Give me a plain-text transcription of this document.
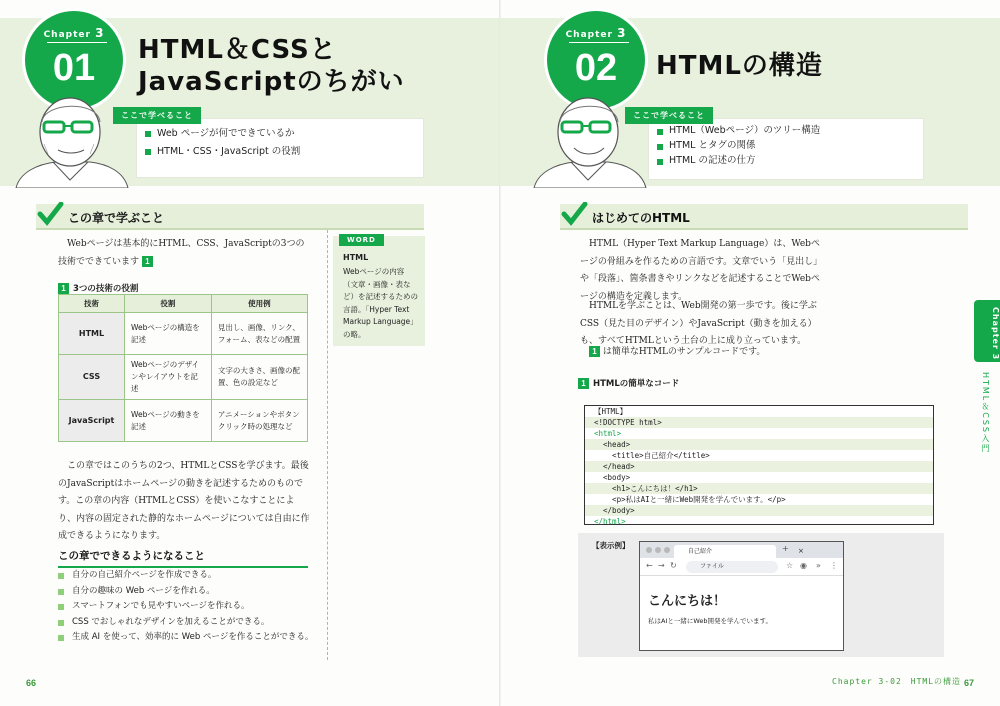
Chapter 3
01	HTML＆CSSと
JavaScriptのちがい
ここで学べること
Web ページが何でできているか
HTML・CSS・JavaScript の役割
この章で学ぶこと
Webページは基本的にHTML、CSS、JavaScriptの3つの技術でできています 1
1 3つの技術の役割
技術	役割	使用例
HTML	Webページの構造を記述	見出し、画像、リンク、フォーム、表などの配置
CSS	Webページのデザインやレイアウトを記述	文字の大きさ、画像の配置、色の設定など
JavaScript	Webページの動きを記述	アニメーションやボタンクリック時の処理など
WORD
HTML
Webページの内容（文章・画像・表など）を記述するための言語。「Hyper Text Markup Language」の略。
この章ではこのうちの2つ、HTMLとCSSを学びます。最後のJavaScriptはホームページの動きを記述するためのものです。この章の内容（HTMLとCSS）を使いこなすことにより、内容の固定された静的なホームページについては自由に作成できるようになります。
この章でできるようになること
自分の自己紹介ページを作成できる。
自分の趣味の Web ページを作れる。
スマートフォンでも見やすいページを作れる。
CSS でおしゃれなデザインを加えることができる。
生成 AI を使って、効率的に Web ページを作ることができる。
66
Chapter 3
02	HTMLの構造
ここで学べること
HTML（Webページ）のツリー構造
HTML とタグの関係
HTML の記述の仕方
はじめてのHTML
HTML（Hyper Text Markup Language）は、Webページの骨組みを作るための言語です。文章でいう「見出し」や「段落」、箇条書きやリンクなどを記述することでWebページの構造を定義します。
HTMLを学ぶことは、Web開発の第一歩です。後に学ぶCSS（見た目のデザイン）やJavaScript（動きを加える）も、すべてHTMLという土台の上に成り立っています。
1 は簡単なHTMLのサンプルコードです。	Chapter 3
HTML＆CSS入門
1 HTMLの簡単なコード
Chapter 3-02　HTMLの構造 67
【HTML】
<!DOCTYPE html>
<html>
<head>
<title>自己紹介</title>
</head>
<body>
<h1>こんにちは！</h1>
<p>私はAIと一緒にWeb開発を学んでいます。</p>
</body>
</html>
【表示例】
自己紹介	×
+
← → ↻	ファイル	☆ ◉ » ⋮
こんにちは！
私はAIと一緒にWeb開発を学んでいます。
